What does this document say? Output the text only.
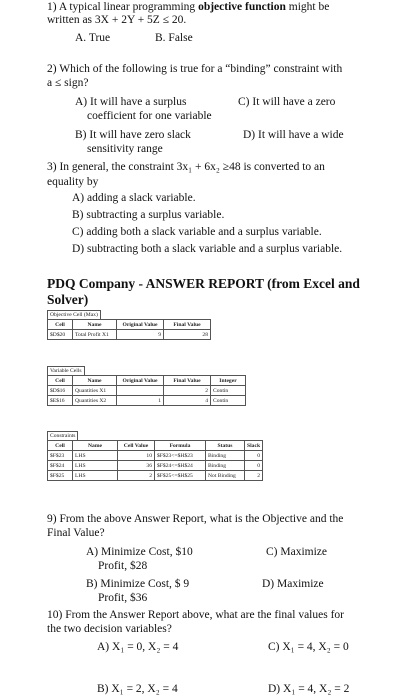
1) A typical linear programming objective function might be
written as 3X + 2Y + 5Z ≤ 20.
A. True	B. False
2) Which of the following is true for a “binding” constraint with
a ≤ sign?
A) It will have a surplus
coefficient for one variable
C) It will have a zero
B) It will have zero slack
sensitivity range
D) It will have a wide
3) In general, the constraint 3x₁ + 6x₂ ≥48 is converted to an
equality by
A) adding a slack variable.
B) subtracting a surplus variable.
C) adding both a slack variable and a surplus variable.
D) subtracting both a slack variable and a surplus variable.
PDQ Company - ANSWER REPORT (from Excel and
Solver)
Objective Cell (Max)
Cell	Name	Original Value	Final Value
$D$20	Total Profit X1	9	28
Variable Cells
Cell	Name	Original Value	Final Value	Integer
$D$16	Quantities X1		2	Contin
$E$16	Quantities X2	1	4	Contin
Constraints
Cell	Name	Cell Value	Formula	Status	Slack
$F$23	LHS	10	$F$23<=$H$23	Binding	0
$F$24	LHS	36	$F$24<=$H$24	Binding	0
$F$25	LHS	2	$F$25<=$H$25	Not Binding	2
9) From the above Answer Report, what is the Objective and the
Final Value?
A) Minimize Cost, $10
Profit, $28
C) Maximize
B) Minimize Cost, $ 9
Profit, $36
D) Maximize
10) From the Answer Report above, what are the final values for
the two decision variables?
A) X₁ = 0, X₂ = 4	C) X₁ = 4, X₂ = 0
B) X₁ = 2, X₂ = 4	D) X₁ = 4, X₂ = 2
